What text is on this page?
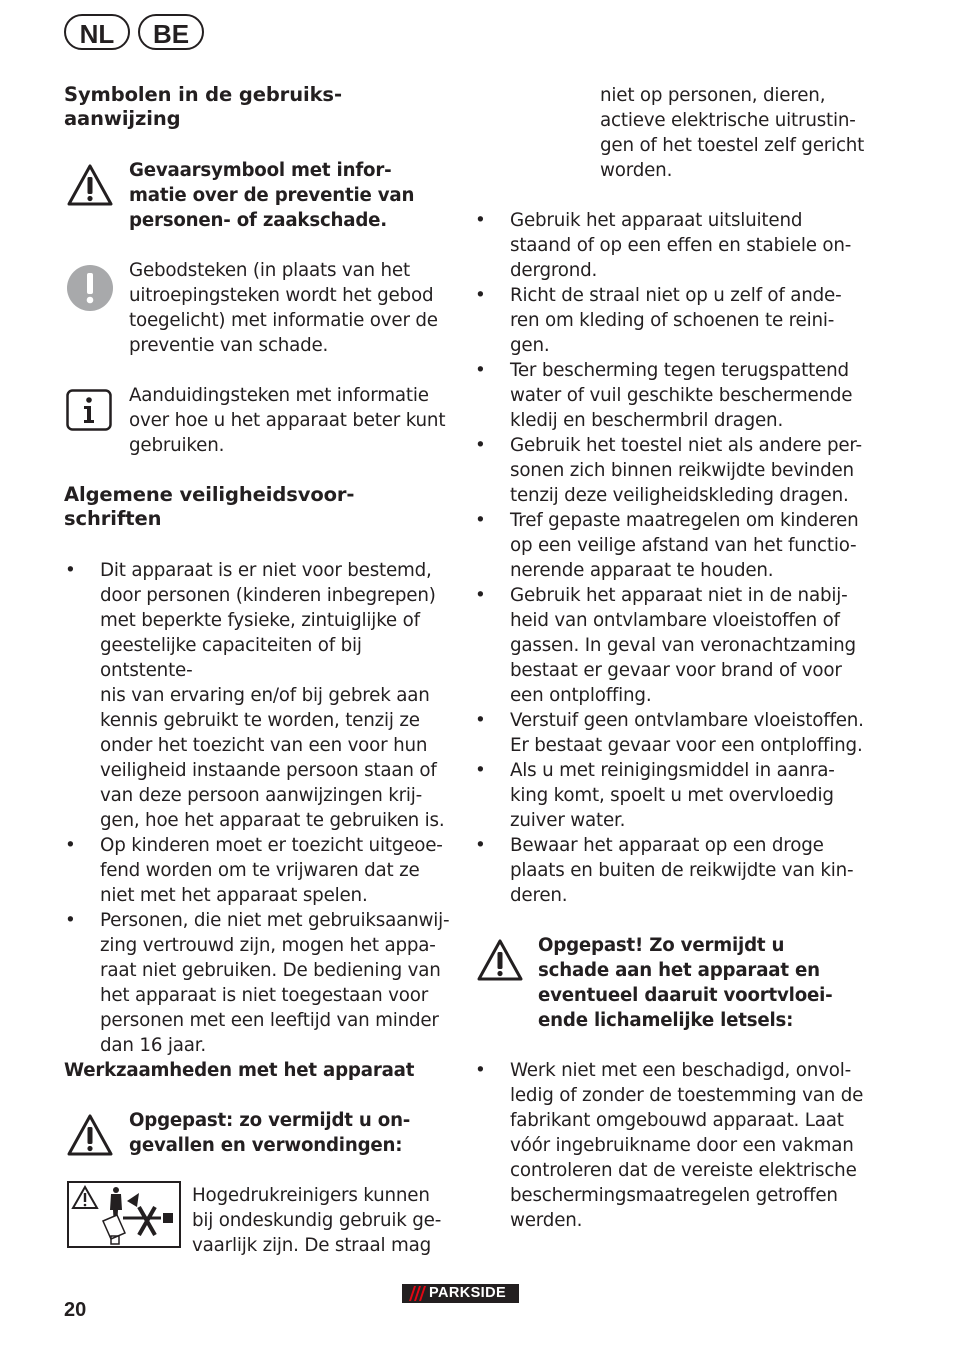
NL	BE
Symbolen in de gebruiks-
aanwijzing
Gevaarsymbool met infor-
matie over de preventie van
personen- of zaakschade.
Gebodsteken (in plaats van het
uitroepingsteken wordt het gebod
toegelicht) met informatie over de
preventie van schade.
Aanduidingsteken met informatie
over hoe u het apparaat beter kunt
gebruiken.
Algemene veiligheidsvoor-
schriften
• Dit apparaat is er niet voor bestemd,
door personen (kinderen inbegrepen)
met beperkte fysieke, zintuiglijke of
geestelijke capaciteiten of bij ontstente-
nis van ervaring en/of bij gebrek aan
kennis gebruikt te worden, tenzij ze
onder het toezicht van een voor hun
veiligheid instaande persoon staan of
van deze persoon aanwijzingen krij-
gen, hoe het apparaat te gebruiken is.
• Op kinderen moet er toezicht uitgeoe-
fend worden om te vrijwaren dat ze
niet met het apparaat spelen.
• Personen, die niet met gebruiksaanwij-
zing vertrouwd zijn, mogen het appa-
raat niet gebruiken. De bediening van
het apparaat is niet toegestaan voor
personen met een leeftijd van minder
dan 16 jaar.
Werkzaamheden met het apparaat
Opgepast: zo vermijdt u on-
gevallen en verwondingen:
Hogedrukreinigers kunnen
bij ondeskundig gebruik ge-
vaarlijk zijn. De straal mag
niet op personen, dieren,
actieve elektrische uitrustin-
gen of het toestel zelf gericht
worden.
• Gebruik het apparaat uitsluitend
staand of op een effen en stabiele on-
dergrond.
• Richt de straal niet op u zelf of ande-
ren om kleding of schoenen te reini-
gen.
• Ter bescherming tegen terugspattend
water of vuil geschikte beschermende
kledij en beschermbril dragen.
• Gebruik het toestel niet als andere per-
sonen zich binnen reikwijdte bevinden
tenzij deze veiligheidskleding dragen.
• Tref gepaste maatregelen om kinderen
op een veilige afstand van het functio-
nerende apparaat te houden.
• Gebruik het apparaat niet in de nabij-
heid van ontvlambare vloeistoffen of
gassen. In geval van veronachtzaming
bestaat er gevaar voor brand of voor
een ontploffing.
• Verstuif geen ontvlambare vloeistoffen.
Er bestaat gevaar voor een ontploffing.
• Als u met reinigingsmiddel in aanra-
king komt, spoelt u met overvloedig
zuiver water.
• Bewaar het apparaat op een droge
plaats en buiten de reikwijdte van kin-
deren.
Opgepast! Zo vermijdt u
schade aan het apparaat en
eventueel daaruit voortvloei-
ende lichamelijke letsels:
• Werk niet met een beschadigd, onvol-
ledig of zonder de toestemming van de
fabrikant omgebouwd apparaat. Laat
vóór ingebruikname door een vakman
controleren dat de vereiste elektrische
beschermingsmaatregelen getroffen
werden.
20
PARKSIDE
